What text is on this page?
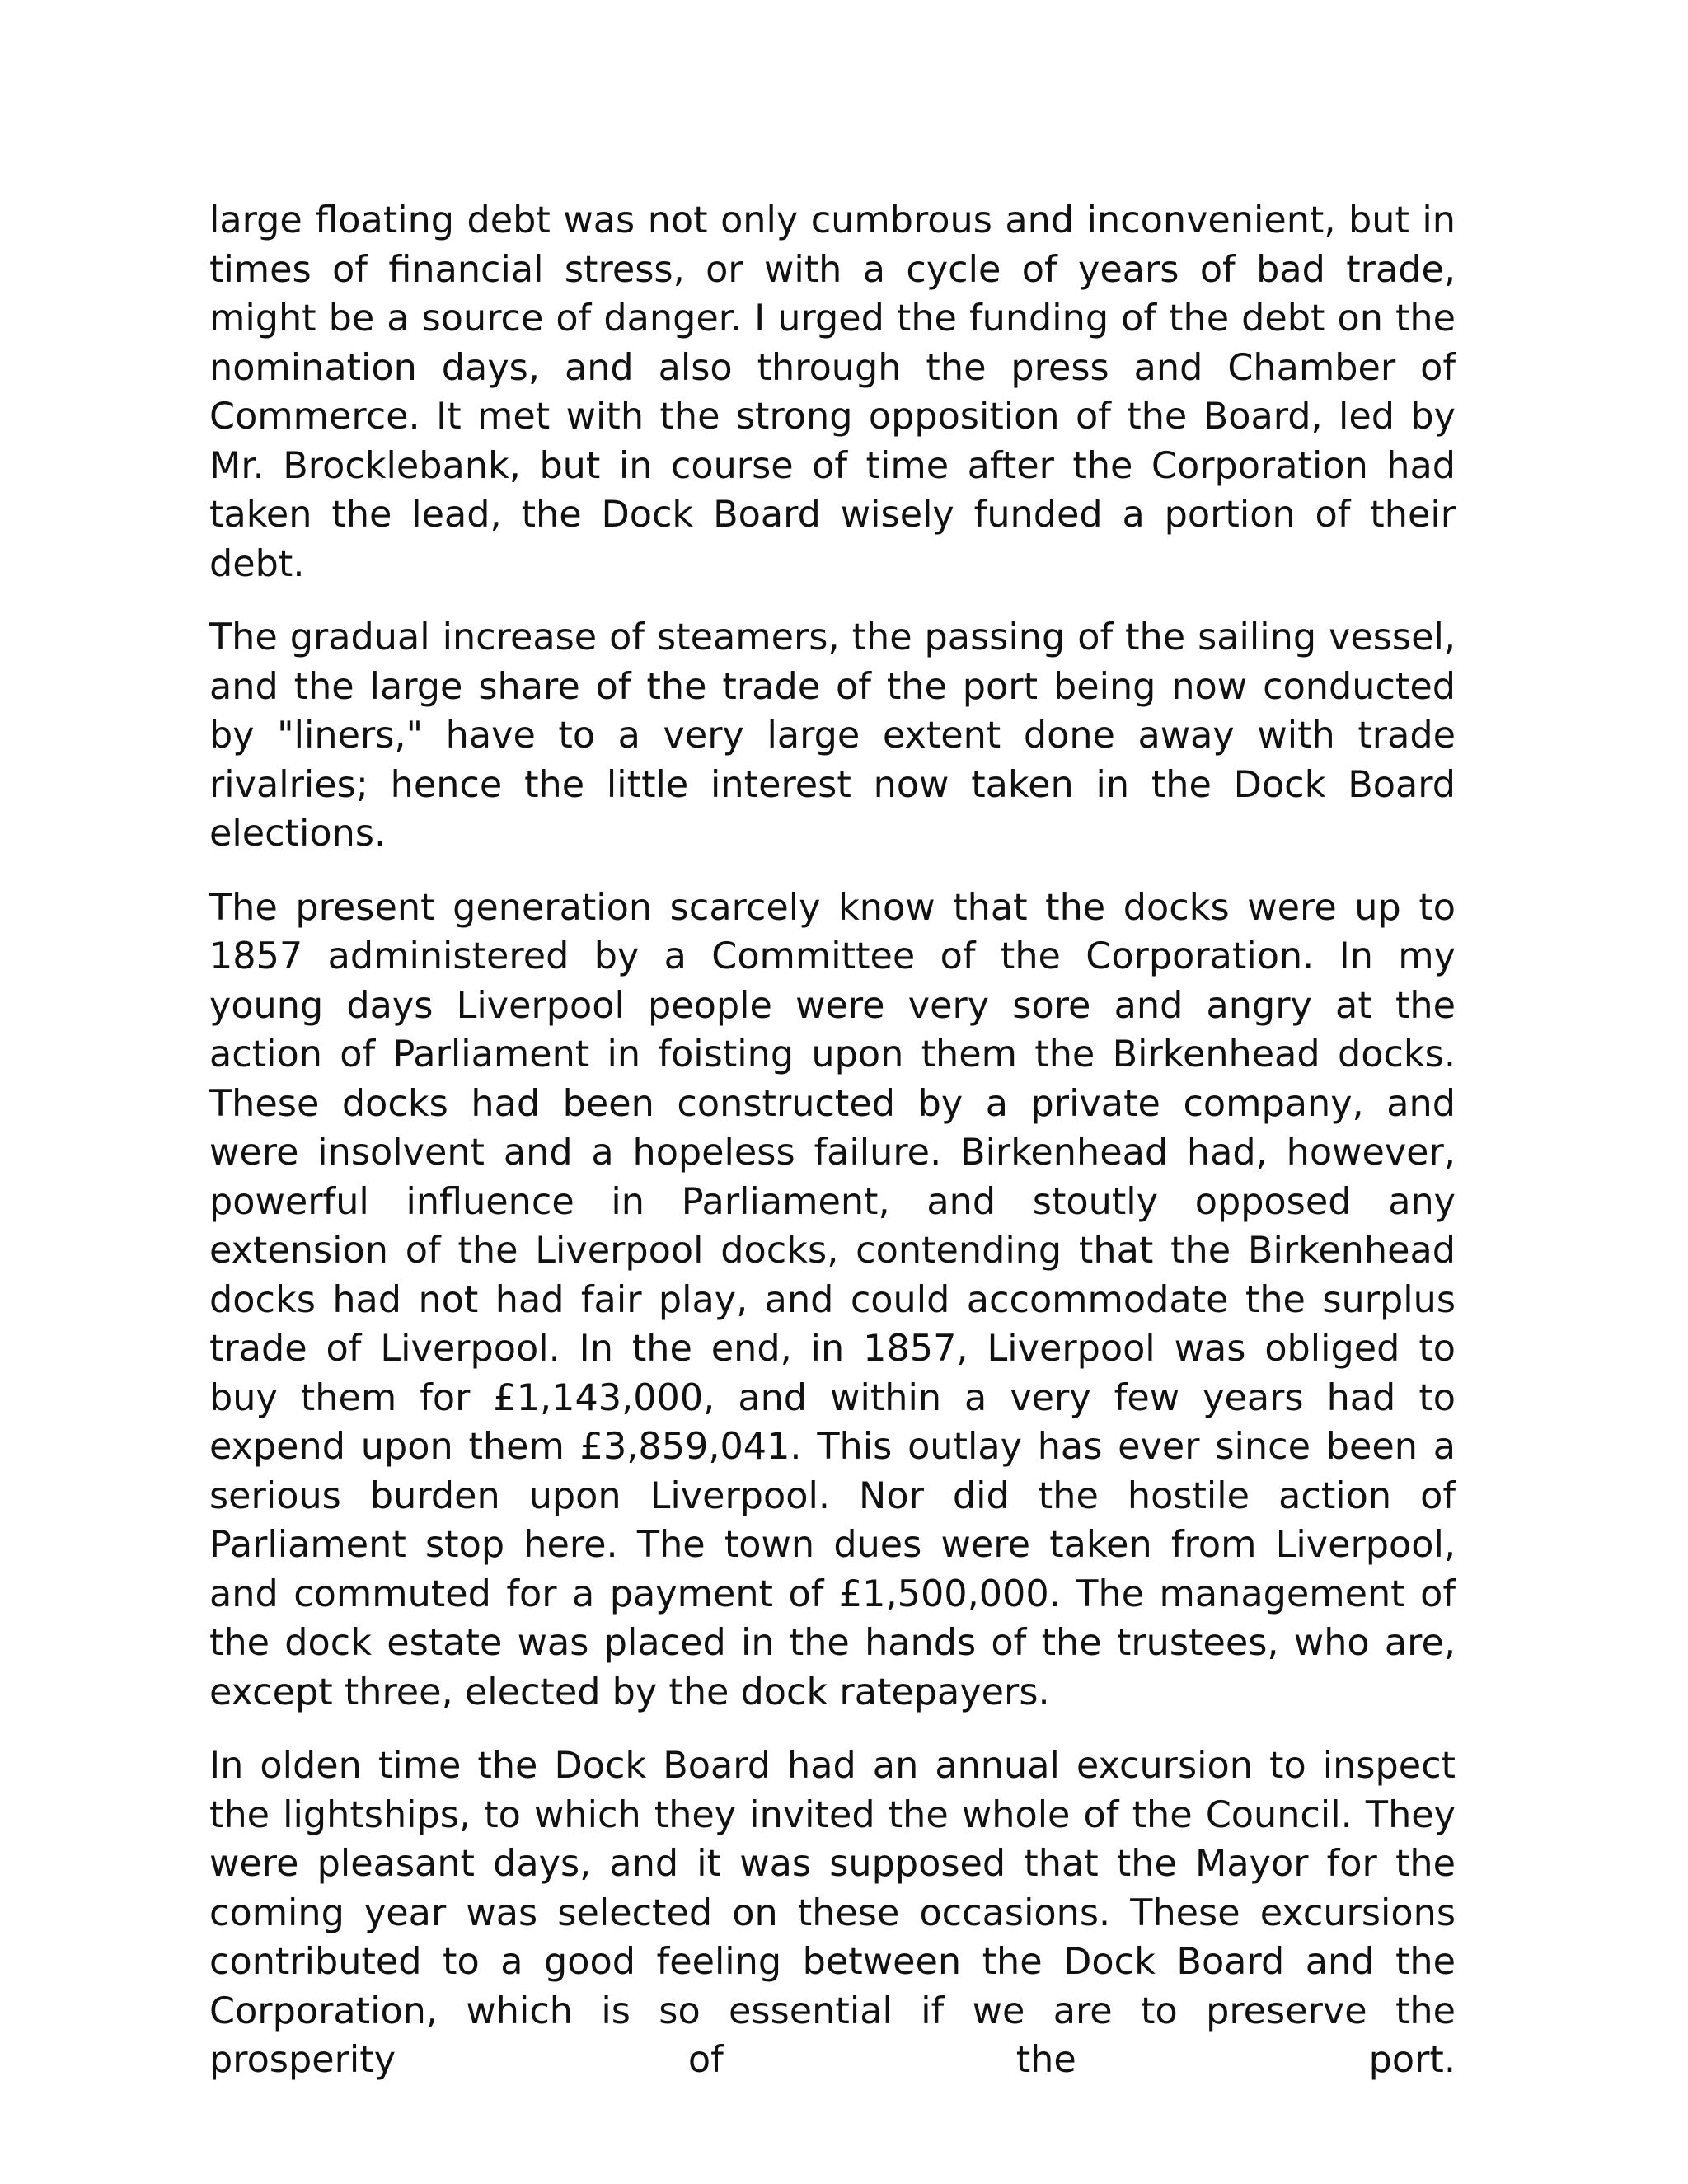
large floating debt was not only cumbrous and inconvenient, but in times of financial stress, or with a cycle of years of bad trade, might be a source of danger. I urged the funding of the debt on the nomination days, and also through the press and Chamber of Commerce. It met with the strong opposition of the Board, led by Mr. Brocklebank, but in course of time after the Corporation had taken the lead, the Dock Board wisely funded a portion of their debt.

The gradual increase of steamers, the passing of the sailing vessel, and the large share of the trade of the port being now conducted by "liners," have to a very large extent done away with trade rivalries; hence the little interest now taken in the Dock Board elections.

The present generation scarcely know that the docks were up to 1857 administered by a Committee of the Corporation. In my young days Liverpool people were very sore and angry at the action of Parliament in foisting upon them the Birkenhead docks. These docks had been constructed by a private company, and were insolvent and a hopeless failure. Birkenhead had, however, powerful influence in Parliament, and stoutly opposed any extension of the Liverpool docks, contending that the Birkenhead docks had not had fair play, and could accommodate the surplus trade of Liverpool. In the end, in 1857, Liverpool was obliged to buy them for £1,143,000, and within a very few years had to expend upon them £3,859,041. This outlay has ever since been a serious burden upon Liverpool. Nor did the hostile action of Parliament stop here. The town dues were taken from Liverpool, and commuted for a payment of £1,500,000. The management of the dock estate was placed in the hands of the trustees, who are, except three, elected by the dock ratepayers.

In olden time the Dock Board had an annual excursion to inspect the lightships, to which they invited the whole of the Council. They were pleasant days, and it was supposed that the Mayor for the coming year was selected on these occasions. These excursions contributed to a good feeling between the Dock Board and the Corporation, which is so essential if we are to preserve the prosperity of the port.
